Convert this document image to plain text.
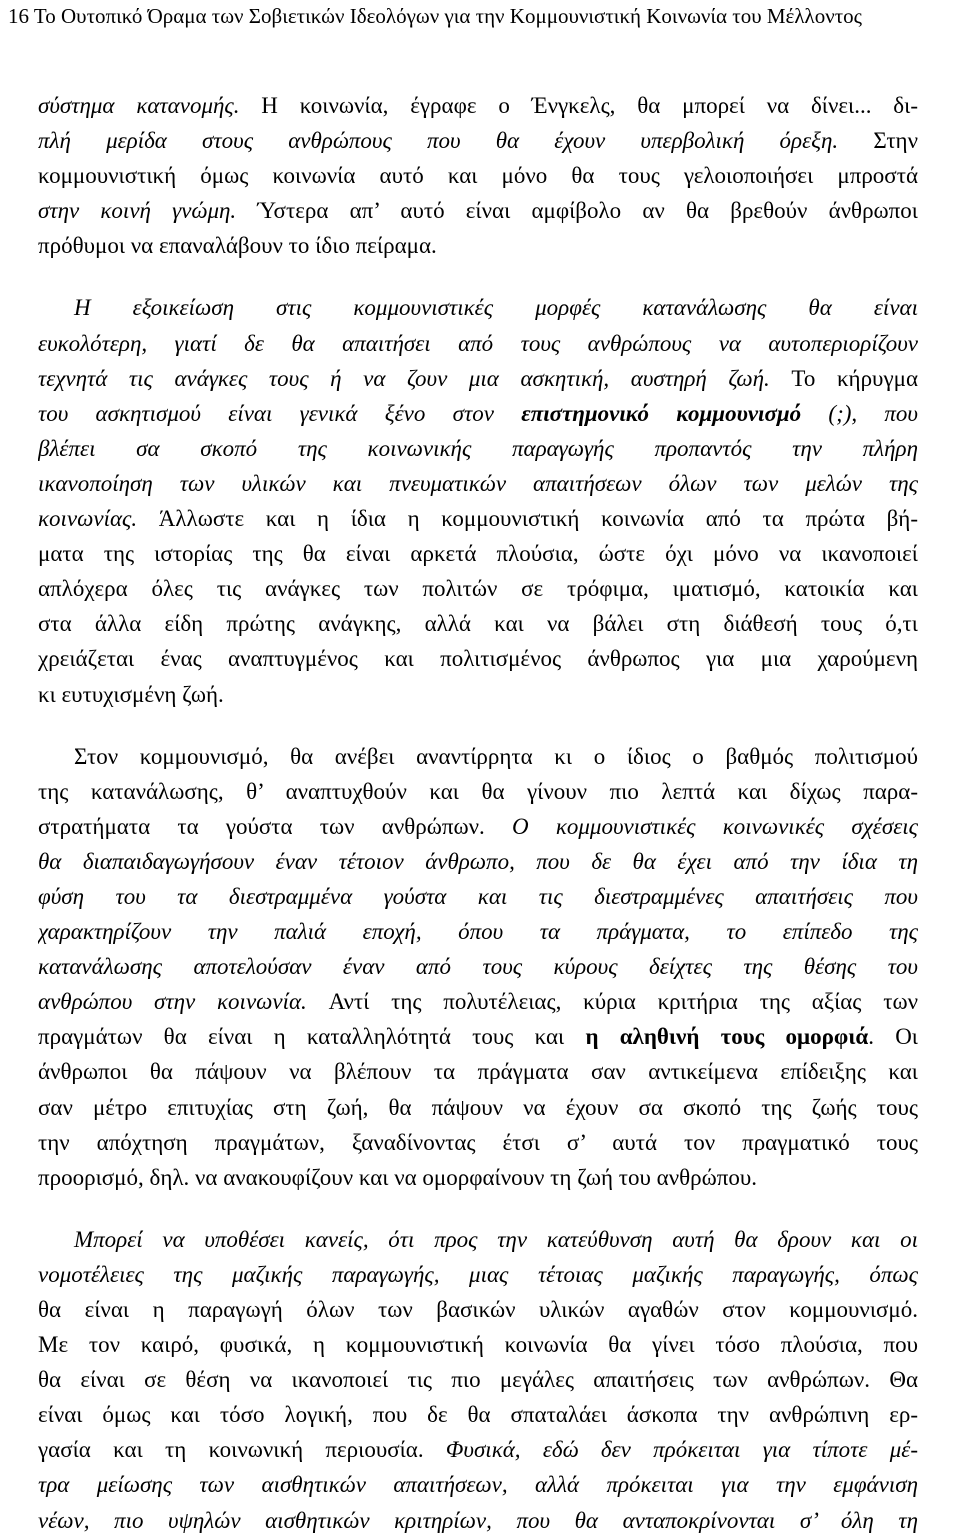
16 Το Ουτοπικό Όραμα των Σοβιετικών Ιδεολόγων για την Κομμουνιστική Κοινωνία του Μέλλοντος
σύστημα κατανομής. Η κοινωνία, έγραφε ο Ένγκελς, θα μπορεί να δίνει... δι-
πλή μερίδα στους ανθρώπους που θα έχουν υπερβολική όρεξη. Στην
κομμουνιστική όμως κοινωνία αυτό και μόνο θα τους γελοιοποιήσει μπροστά
στην κοινή γνώμη. Ύστερα απ’ αυτό είναι αμφίβολο αν θα βρεθούν άνθρωποι
πρόθυμοι να επαναλάβουν το ίδιο πείραμα.
Η εξοικείωση στις κομμουνιστικές μορφές κατανάλωσης θα είναι
ευκολότερη, γιατί δε θα απαιτήσει από τους ανθρώπους να αυτοπεριορίζουν
τεχνητά τις ανάγκες τους ή να ζουν μια ασκητική, αυστηρή ζωή. Το κήρυγμα
του ασκητισμού είναι γενικά ξένο στον επιστημονικό κομμουνισμό (;), που
βλέπει σα σκοπό της κοινωνικής παραγωγής προπαντός την πλήρη
ικανοποίηση των υλικών και πνευματικών απαιτήσεων όλων των μελών της
κοινωνίας. Άλλωστε και η ίδια η κομμουνιστική κοινωνία από τα πρώτα βή-
ματα της ιστορίας της θα είναι αρκετά πλούσια, ώστε όχι μόνο να ικανοποιεί
απλόχερα όλες τις ανάγκες των πολιτών σε τρόφιμα, ιματισμό, κατοικία και
στα άλλα είδη πρώτης ανάγκης, αλλά και να βάλει στη διάθεσή τους ό,τι
χρειάζεται ένας αναπτυγμένος και πολιτισμένος άνθρωπος για μια χαρούμενη
κι ευτυχισμένη ζωή.
Στον κομμουνισμό, θα ανέβει αναντίρρητα κι ο ίδιος ο βαθμός πολιτισμού
της κατανάλωσης, θ’ αναπτυχθούν και θα γίνουν πιο λεπτά και δίχως παρα-
στρατήματα τα γούστα των ανθρώπων. Ο κομμουνιστικές κοινωνικές σχέσεις
θα διαπαιδαγωγήσουν έναν τέτοιον άνθρωπο, που δε θα έχει από την ίδια τη
φύση του τα διεστραμμένα γούστα και τις διεστραμμένες απαιτήσεις που
χαρακτηρίζουν την παλιά εποχή, όπου τα πράγματα, το επίπεδο της
κατανάλωσης αποτελούσαν έναν από τους κύρους δείχτες της θέσης του
ανθρώπου στην κοινωνία. Αντί της πολυτέλειας, κύρια κριτήρια της αξίας των
πραγμάτων θα είναι η καταλληλότητά τους και η αληθινή τους ομορφιά. Οι
άνθρωποι θα πάψουν να βλέπουν τα πράγματα σαν αντικείμενα επίδειξης και
σαν μέτρο επιτυχίας στη ζωή, θα πάψουν να έχουν σα σκοπό της ζωής τους
την απόχτηση πραγμάτων, ξαναδίνοντας έτσι σ’ αυτά τον πραγματικό τους
προορισμό, δηλ. να ανακουφίζουν και να ομορφαίνουν τη ζωή του ανθρώπου.
Μπορεί να υποθέσει κανείς, ότι προς την κατεύθυνση αυτή θα δρουν και οι
νομοτέλειες της μαζικής παραγωγής, μιας τέτοιας μαζικής παραγωγής, όπως
θα είναι η παραγωγή όλων των βασικών υλικών αγαθών στον κομμουνισμό.
Με τον καιρό, φυσικά, η κομμουνιστική κοινωνία θα γίνει τόσο πλούσια, που
θα είναι σε θέση να ικανοποιεί τις πιο μεγάλες απαιτήσεις των ανθρώπων. Θα
είναι όμως και τόσο λογική, που δε θα σπαταλάει άσκοπα την ανθρώπινη ερ-
γασία και τη κοινωνική περιουσία. Φυσικά, εδώ δεν πρόκειται για τίποτε μέ-
τρα μείωσης των αισθητικών απαιτήσεων, αλλά πρόκειται για την εμφάνιση
νέων, πιο υψηλών αισθητικών κριτηρίων, που θα ανταποκρίνονται σ’ όλη τη
